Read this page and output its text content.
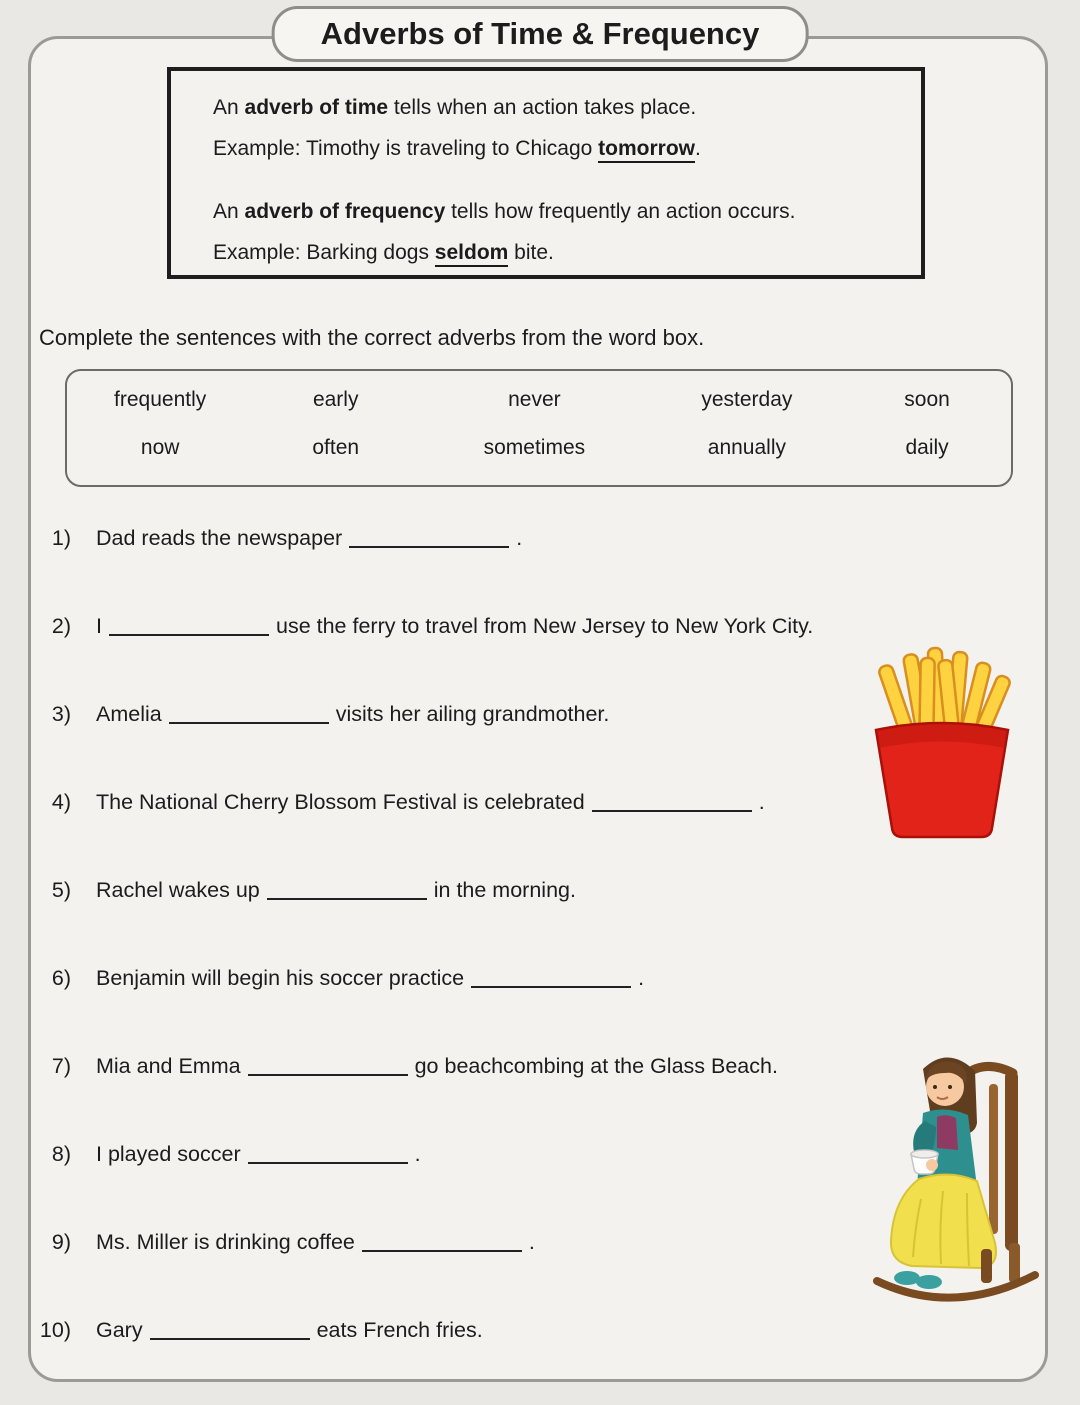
Adverbs of Time & Frequency

An adverb of time tells when an action takes place.

Example: Timothy is traveling to Chicago tomorrow.

An adverb of frequency tells how frequently an action occurs.

Example: Barking dogs seldom bite.

Complete the sentences with the correct adverbs from the word box.
frequently	early	never	yesterday	soon
now	often	sometimes	annually	daily
1) Dad reads the newspaper	.
2) I	use the ferry to travel from New Jersey to New York City.
3) Amelia	visits her ailing grandmother.
4) The National Cherry Blossom Festival is celebrated	.
5) Rachel wakes up	in the morning.
6) Benjamin will begin his soccer practice	.
7) Mia and Emma	go beachcombing at the Glass Beach.
8) I played soccer	.
9) Ms. Miller is drinking coffee	.
10) Gary	eats French fries.
